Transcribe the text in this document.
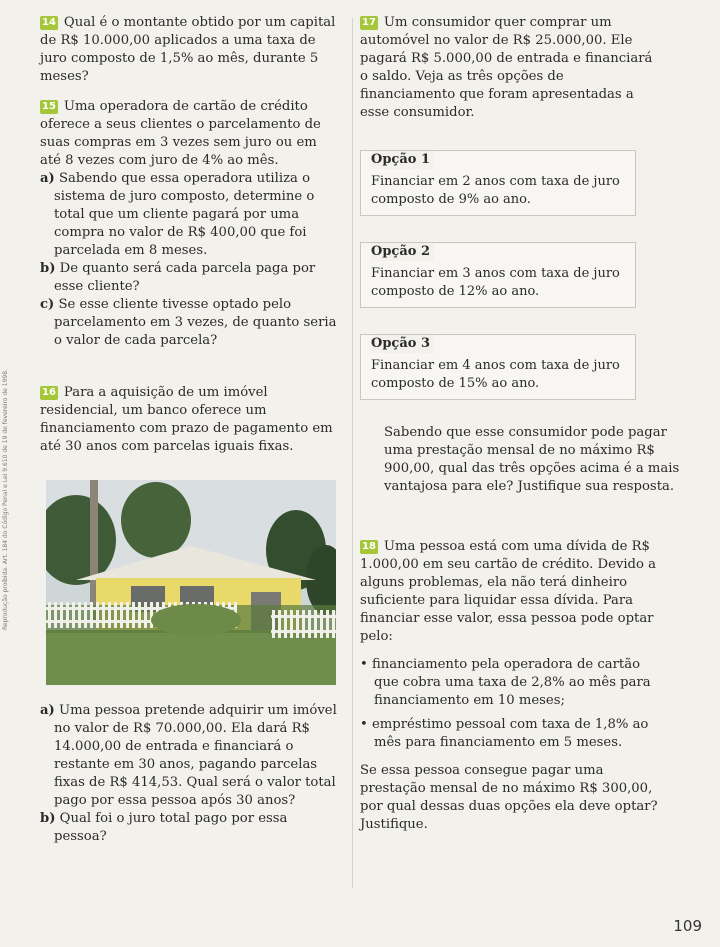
Reprodução proibida. Art. 184 do Código Penal e Lei 9.610 de 19 de fevereiro de 1998.

14 Qual é o montante obtido por um capital de R$ 10.000,00 aplicados a uma taxa de juro composto de 1,5% ao mês, durante 5 meses?

15 Uma operadora de cartão de crédito oferece a seus clientes o parcelamento de suas compras em 3 vezes sem juro ou em até 8 vezes com juro de 4% ao mês.

a) Sabendo que essa operadora utiliza o sistema de juro composto, determine o total que um cliente pagará por uma compra no valor de R$ 400,00 que foi parcelada em 8 meses.

b) De quanto será cada parcela paga por esse cliente?

c) Se esse cliente tivesse optado pelo parcelamento em 3 vezes, de quanto seria o valor de cada parcela?

16 Para a aquisição de um imóvel residencial, um banco oferece um financiamento com prazo de pagamento em até 30 anos com parcelas iguais fixas.

a) Uma pessoa pretende adquirir um imóvel no valor de R$ 70.000,00. Ela dará R$ 14.000,00 de entrada e financiará o restante em 30 anos, pagando parcelas fixas de R$ 414,53. Qual será o valor total pago por essa pessoa após 30 anos?

b) Qual foi o juro total pago por essa pessoa?

17 Um consumidor quer comprar um automóvel no valor de R$ 25.000,00. Ele pagará R$ 5.000,00 de entrada e financiará o saldo. Veja as três opções de financiamento que foram apresentadas a esse consumidor.

Opção 1
Financiar em 2 anos com taxa de juro composto de 9% ao ano.
Opção 2
Financiar em 3 anos com taxa de juro composto de 12% ao ano.
Opção 3
Financiar em 4 anos com taxa de juro composto de 15% ao ano.

Sabendo que esse consumidor pode pagar uma prestação mensal de no máximo R$ 900,00, qual das três opções acima é a mais vantajosa para ele? Justifique sua resposta.

18 Uma pessoa está com uma dívida de R$ 1.000,00 em seu cartão de crédito. Devido a alguns problemas, ela não terá dinheiro suficiente para liquidar essa dívida. Para financiar esse valor, essa pessoa pode optar pelo:

• financiamento pela operadora de cartão que cobra uma taxa de 2,8% ao mês para financiamento em 10 meses;

• empréstimo pessoal com taxa de 1,8% ao mês para financiamento em 5 meses.

Se essa pessoa consegue pagar uma prestação mensal de no máximo R$ 300,00, por qual dessas duas opções ela deve optar? Justifique.

109
